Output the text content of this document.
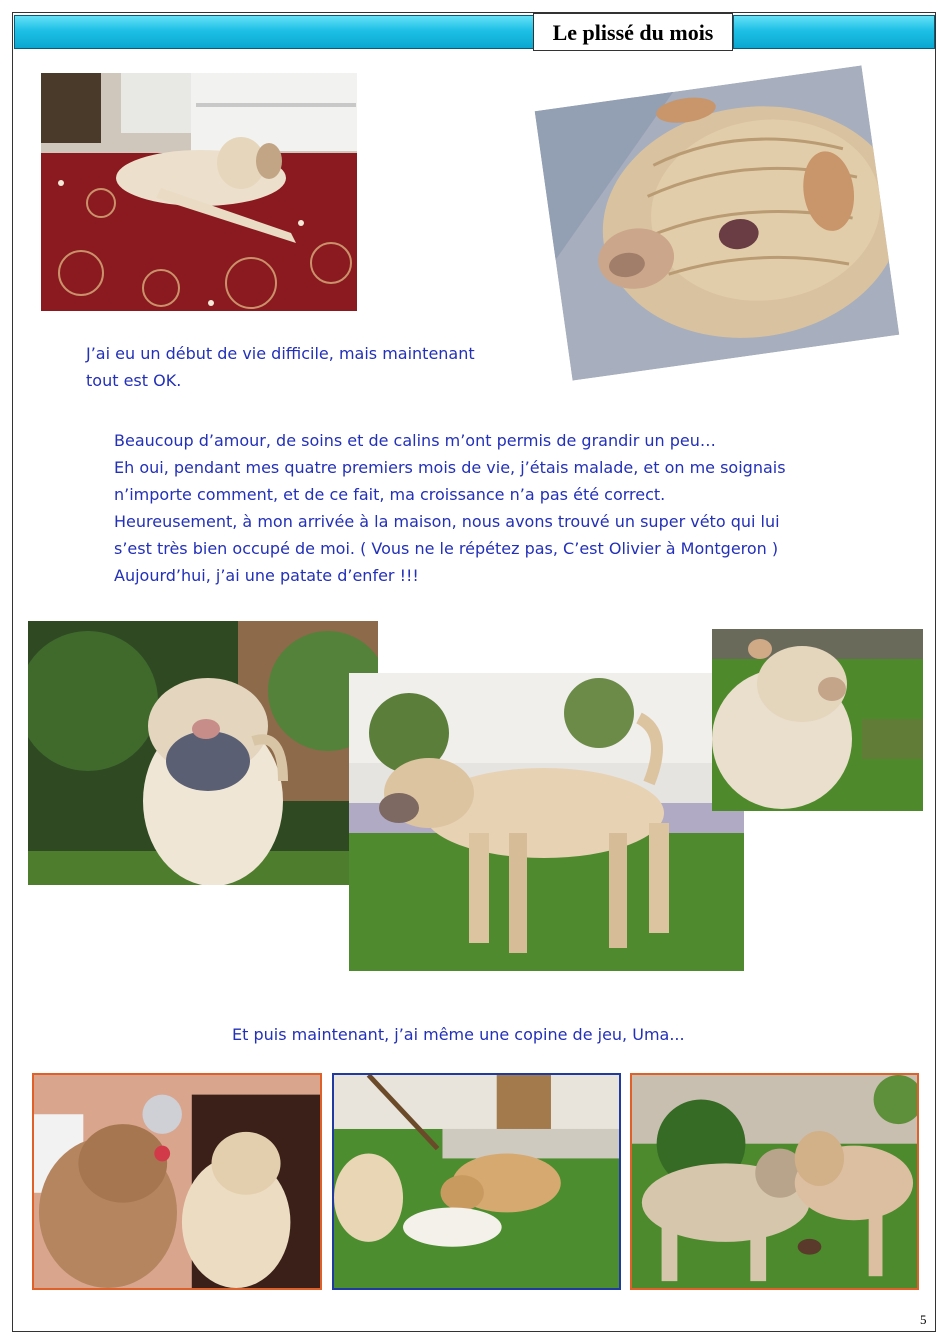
Le plissé du mois
J’ai eu un début de vie difficile, mais maintenant
tout est OK.
Beaucoup d’amour, de soins et de calins m’ont permis de grandir un peu…
Eh oui, pendant mes quatre premiers mois de vie, j’étais malade, et on me soignais
n’importe comment, et de ce fait, ma croissance n’a pas été correct.
Heureusement, à mon arrivée à la maison, nous avons trouvé un super véto qui lui
s’est très bien occupé de moi. ( Vous ne le répétez pas, C’est Olivier à Montgeron )
Aujourd’hui, j’ai une patate d’enfer !!!
Et puis maintenant, j’ai même une copine de jeu, Uma...
5
